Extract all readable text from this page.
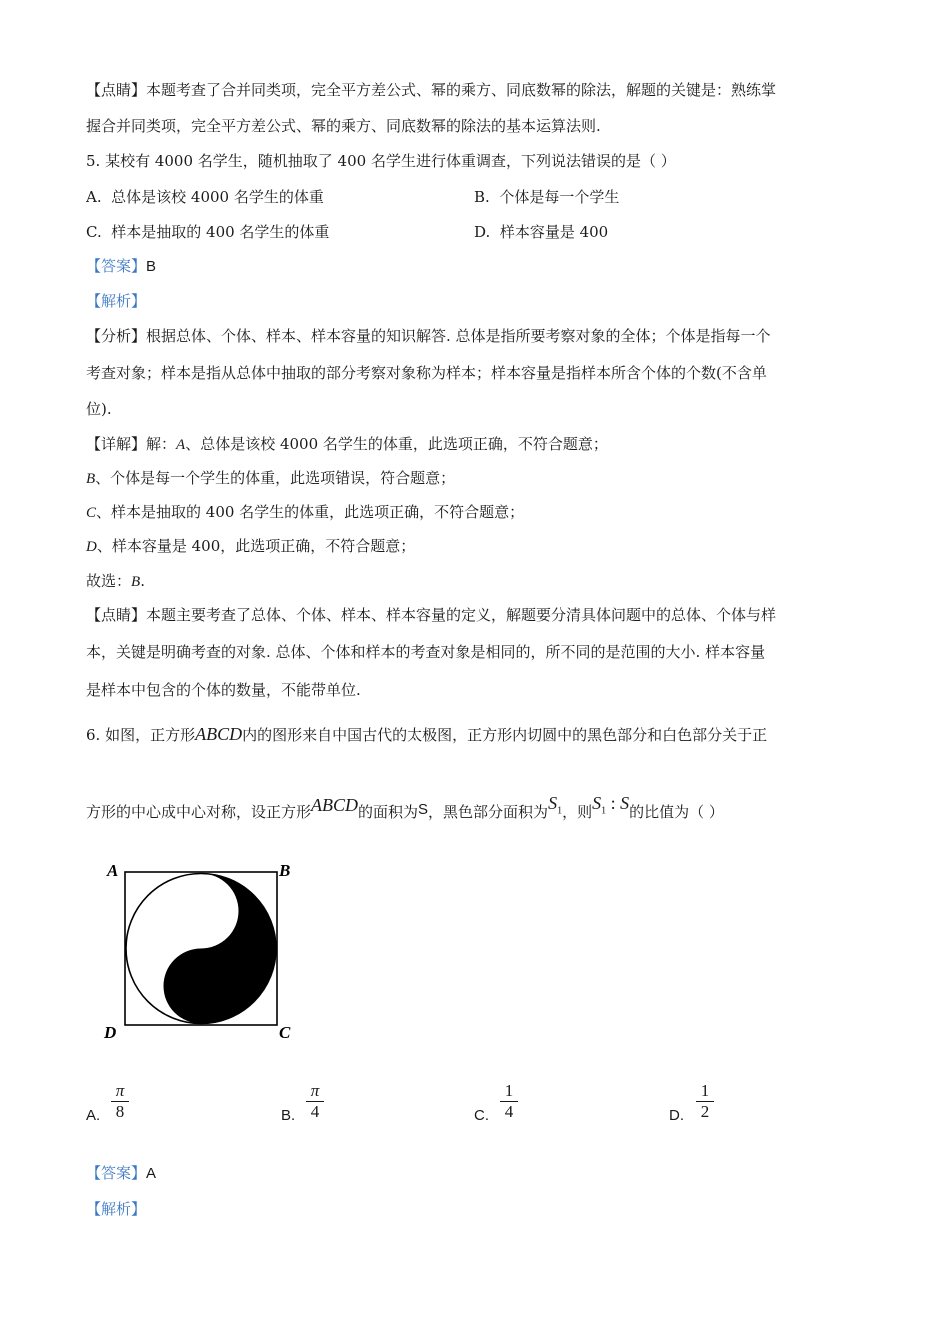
【点睛】本题考查了合并同类项，完全平方差公式、幂的乘方、同底数幂的除法，解题的关键是：熟练掌
握合并同类项，完全平方差公式、幂的乘方、同底数幂的除法的基本运算法则.
5. 某校有 4000 名学生，随机抽取了 400 名学生进行体重调查，下列说法错误的是（ ）
A. 总体是该校 4000 名学生的体重	B. 个体是每一个学生
C. 样本是抽取的 400 名学生的体重	D. 样本容量是 400
【答案】B
【解析】
【分析】根据总体、个体、样本、样本容量的知识解答. 总体是指所要考察对象的全体；个体是指每一个
考查对象；样本是指从总体中抽取的部分考察对象称为样本；样本容量是指样本所含个体的个数(不含单
位).
【详解】解：A、总体是该校 4000 名学生的体重，此选项正确，不符合题意；
B、个体是每一个学生的体重，此选项错误，符合题意；
C、样本是抽取的 400 名学生的体重，此选项正确，不符合题意；
D、样本容量是 400，此选项正确，不符合题意；
故选：B.
【点睛】本题主要考查了总体、个体、样本、样本容量的定义，解题要分清具体问题中的总体、个体与样
本，关键是明确考查的对象. 总体、个体和样本的考查对象是相同的，所不同的是范围的大小. 样本容量
是样本中包含的个体的数量，不能带单位.
6. 如图，正方形ABCD内的图形来自中国古代的太极图，正方形内切圆中的黑色部分和白色部分关于正
方形的中心成中心对称，设正方形ABCD的面积为S，黑色部分面积为$S_1$，则$S_1$ : S的比值为（ ）
A	B
D	C
A.
π
8	B.
π
4	C.
1
4	D.
1
2
【答案】A
【解析】
